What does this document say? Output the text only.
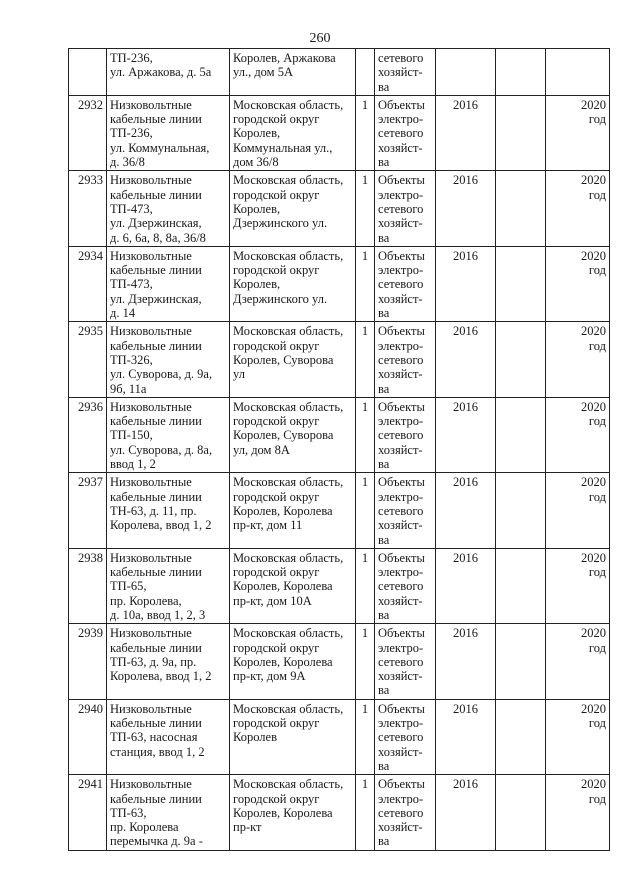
260

	ТП-236,
ул. Аржакова, д. 5а	Королев, Аржакова
ул., дом 5А		сетевого
хозяйст-
ва			

2932	Низковольтные
кабельные линии
ТП-236,
ул. Коммунальная,
д. 36/8	Московская область,
городской округ
Королев,
Коммунальная ул.,
дом 36/8	1	Объекты
электро-
сетевого
хозяйст-
ва	2016		2020
год

2933	Низковольтные
кабельные линии
ТП-473,
ул. Дзержинская,
д. 6, 6а, 8, 8а, 36/8	Московская область,
городской округ
Королев,
Дзержинского ул.	1	Объекты
электро-
сетевого
хозяйст-
ва	2016		2020
год

2934	Низковольтные
кабельные линии
ТП-473,
ул. Дзержинская,
д. 14	Московская область,
городской округ
Королев,
Дзержинского ул.	1	Объекты
электро-
сетевого
хозяйст-
ва	2016		2020
год

2935	Низковольтные
кабельные линии
ТП-326,
ул. Суворова, д. 9а,
9б, 11а	Московская область,
городской округ
Королев, Суворова
ул	1	Объекты
электро-
сетевого
хозяйст-
ва	2016		2020
год

2936	Низковольтные
кабельные линии
ТП-150,
ул. Суворова, д. 8а,
ввод 1, 2	Московская область,
городской округ
Королев, Суворова
ул, дом 8А	1	Объекты
электро-
сетевого
хозяйст-
ва	2016		2020
год

2937	Низковольтные
кабельные линии
ТН-63, д. 11, пр.
Королева, ввод 1, 2	Московская область,
городской округ
Королев, Королева
пр-кт, дом 11	1	Объекты
электро-
сетевого
хозяйст-
ва	2016		2020
год

2938	Низковольтные
кабельные линии
ТП-65,
пр. Королева,
д. 10а, ввод 1, 2, 3	Московская область,
городской округ
Королев, Королева
пр-кт, дом 10А	1	Объекты
электро-
сетевого
хозяйст-
ва	2016		2020
год

2939	Низковольтные
кабельные линии
ТП-63, д. 9а, пр.
Королева, ввод 1, 2	Московская область,
городской округ
Королев, Королева
пр-кт, дом 9А	1	Объекты
электро-
сетевого
хозяйст-
ва	2016		2020
год

2940	Низковольтные
кабельные линии
ТП-63, насосная
станция, ввод 1, 2	Московская область,
городской округ
Королев	1	Объекты
электро-
сетевого
хозяйст-
ва	2016		2020
год

2941	Низковольтные
кабельные линии
ТП-63,
пр. Королева
перемычка д. 9а -	Московская область,
городской округ
Королев, Королева
пр-кт	1	Объекты
электро-
сетевого
хозяйст-
ва	2016		2020
год
